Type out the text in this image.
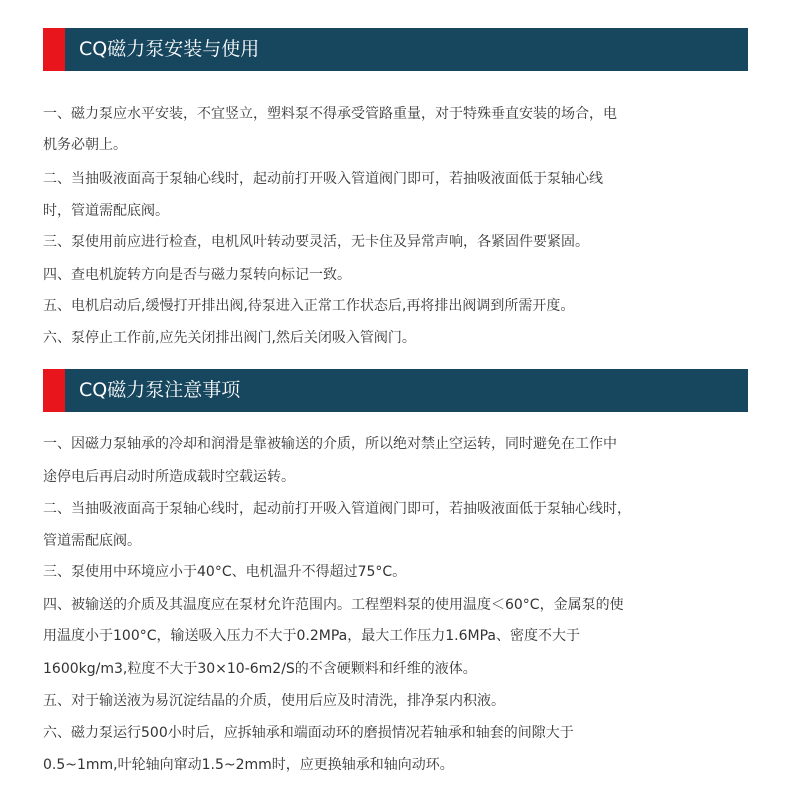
CQ磁力泵安装与使用
一、磁力泵应水平安装，不宜竖立，塑料泵不得承受管路重量，对于特殊垂直安装的场合，电
机务必朝上。
二、当抽吸液面高于泵轴心线时，起动前打开吸入管道阀门即可，若抽吸液面低于泵轴心线
时，管道需配底阀。
三、泵使用前应进行检查，电机风叶转动要灵活，无卡住及异常声响，各紧固件要紧固。
四、查电机旋转方向是否与磁力泵转向标记一致。
五、电机启动后,缓慢打开排出阀,待泵进入正常工作状态后,再将排出阀调到所需开度。
六、泵停止工作前,应先关闭排出阀门,然后关闭吸入管阀门。
CQ磁力泵注意事项
一、因磁力泵轴承的冷却和润滑是靠被输送的介质，所以绝对禁止空运转，同时避免在工作中
途停电后再启动时所造成载时空载运转。
二、当抽吸液面高于泵轴心线时，起动前打开吸入管道阀门即可，若抽吸液面低于泵轴心线时，
管道需配底阀。
三、泵使用中环境应小于40°C、电机温升不得超过75°C。
四、被输送的介质及其温度应在泵材允许范围内。工程塑料泵的使用温度＜60°C，金属泵的使
用温度小于100°C，输送吸入压力不大于0.2MPa，最大工作压力1.6MPa、密度不大于
1600kg/m3,粒度不大于30×10-6m2/S的不含硬颗料和纤维的液体。
五、对于输送液为易沉淀结晶的介质，使用后应及时清洗，排净泵内积液。
六、磁力泵运行500小时后，应拆轴承和端面动环的磨损情况若轴承和轴套的间隙大于
0.5~1mm,叶轮轴向窜动1.5~2mm时，应更换轴承和轴向动环。
